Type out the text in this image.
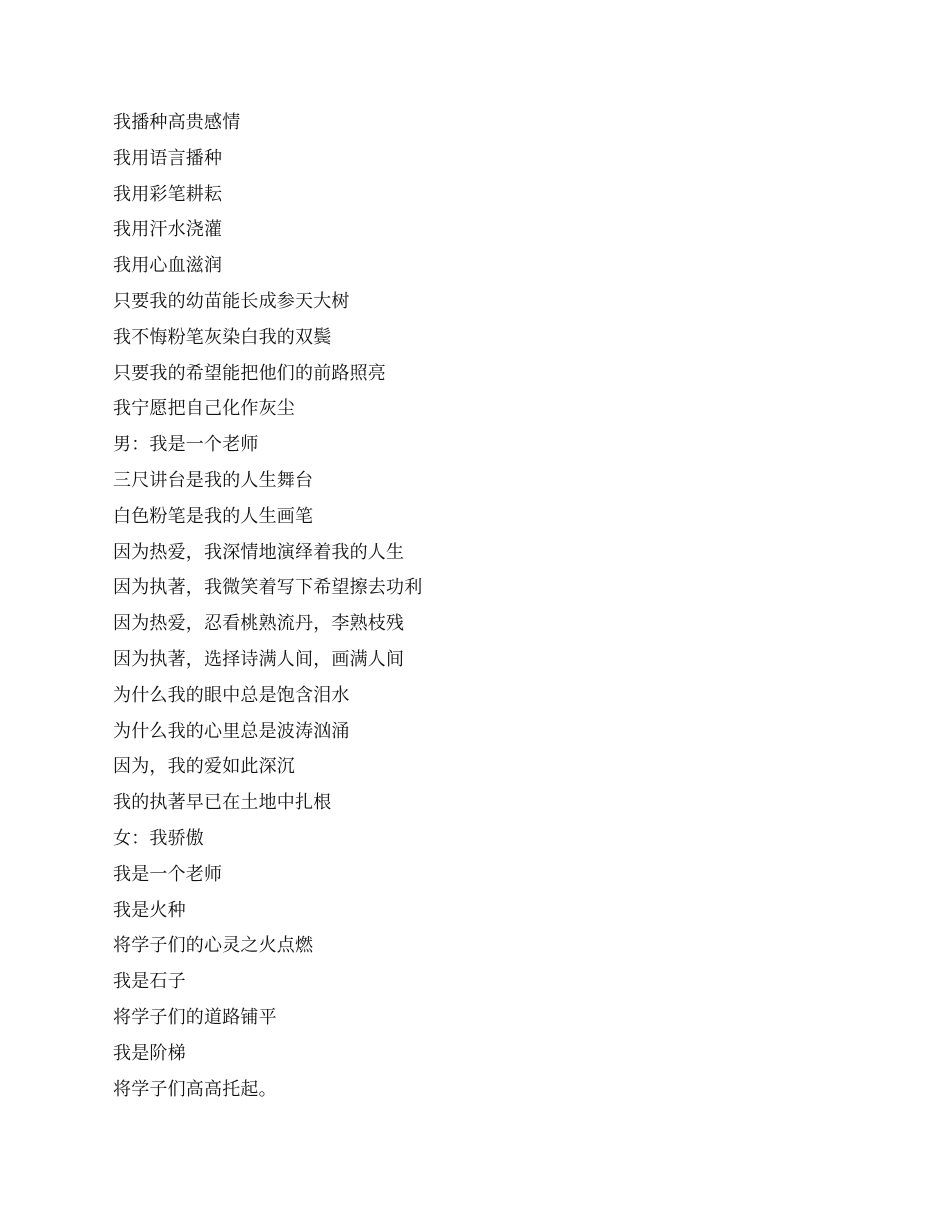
我播种高贵感情
我用语言播种
我用彩笔耕耘
我用汗水浇灌
我用心血滋润
只要我的幼苗能长成参天大树
我不悔粉笔灰染白我的双鬓
只要我的希望能把他们的前路照亮
我宁愿把自己化作灰尘
男：我是一个老师
三尺讲台是我的人生舞台
白色粉笔是我的人生画笔
因为热爱，我深情地演绎着我的人生
因为执著，我微笑着写下希望擦去功利
因为热爱，忍看桃熟流丹，李熟枝残
因为执著，选择诗满人间，画满人间
为什么我的眼中总是饱含泪水
为什么我的心里总是波涛汹涌
因为，我的爱如此深沉
我的执著早已在土地中扎根
女：我骄傲
我是一个老师
我是火种
将学子们的心灵之火点燃
我是石子
将学子们的道路铺平
我是阶梯
将学子们高高托起。
